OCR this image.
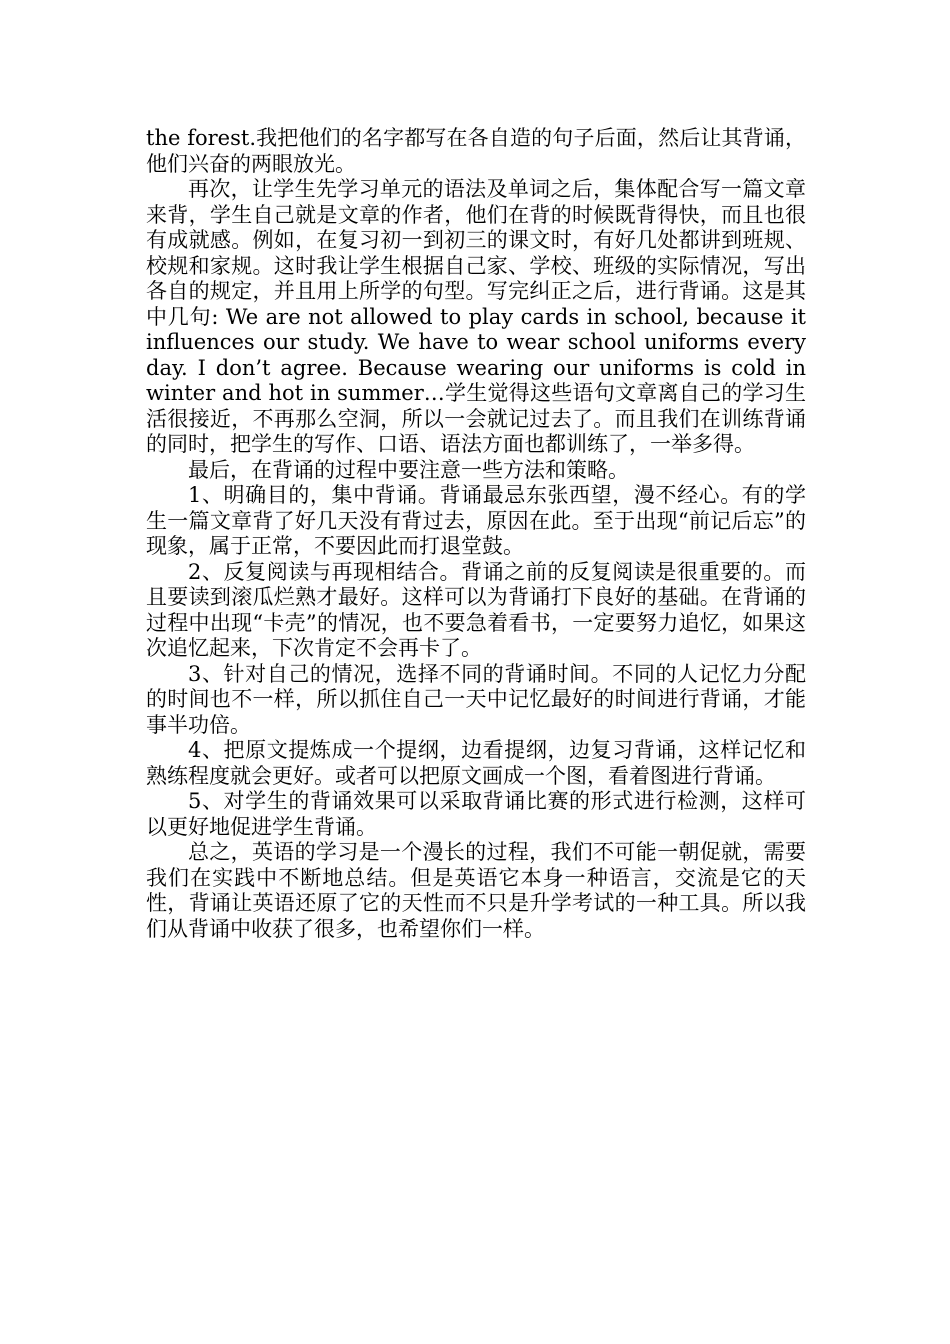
the forest.我把他们的名字都写在各自造的句子后面，然后让其背诵，他们兴奋的两眼放光。

再次，让学生先学习单元的语法及单词之后，集体配合写一篇文章来背，学生自己就是文章的作者，他们在背的时候既背得快，而且也很有成就感。例如，在复习初一到初三的课文时，有好几处都讲到班规、校规和家规。这时我让学生根据自己家、学校、班级的实际情况，写出各自的规定，并且用上所学的句型。写完纠正之后，进行背诵。这是其中几句: We are not allowed to play cards in school, because it influences our study. We have to wear school uniforms every day. I don’t agree. Because wearing our uniforms is cold in winter and hot in summer…学生觉得这些语句文章离自己的学习生活很接近，不再那么空洞，所以一会就记过去了。而且我们在训练背诵的同时，把学生的写作、口语、语法方面也都训练了，一举多得。

最后，在背诵的过程中要注意一些方法和策略。

1、明确目的，集中背诵。背诵最忌东张西望，漫不经心。有的学生一篇文章背了好几天没有背过去，原因在此。至于出现“前记后忘”的现象，属于正常，不要因此而打退堂鼓。

2、反复阅读与再现相结合。背诵之前的反复阅读是很重要的。而且要读到滚瓜烂熟才最好。这样可以为背诵打下良好的基础。在背诵的过程中出现“卡壳”的情况，也不要急着看书，一定要努力追忆，如果这次追忆起来，下次肯定不会再卡了。

3、针对自己的情况，选择不同的背诵时间。不同的人记忆力分配的时间也不一样，所以抓住自己一天中记忆最好的时间进行背诵，才能事半功倍。

4、把原文提炼成一个提纲，边看提纲，边复习背诵，这样记忆和熟练程度就会更好。或者可以把原文画成一个图，看着图进行背诵。

5、对学生的背诵效果可以采取背诵比赛的形式进行检测，这样可以更好地促进学生背诵。

总之，英语的学习是一个漫长的过程，我们不可能一朝促就，需要我们在实践中不断地总结。但是英语它本身一种语言，交流是它的天性，背诵让英语还原了它的天性而不只是升学考试的一种工具。所以我们从背诵中收获了很多，也希望你们一样。
